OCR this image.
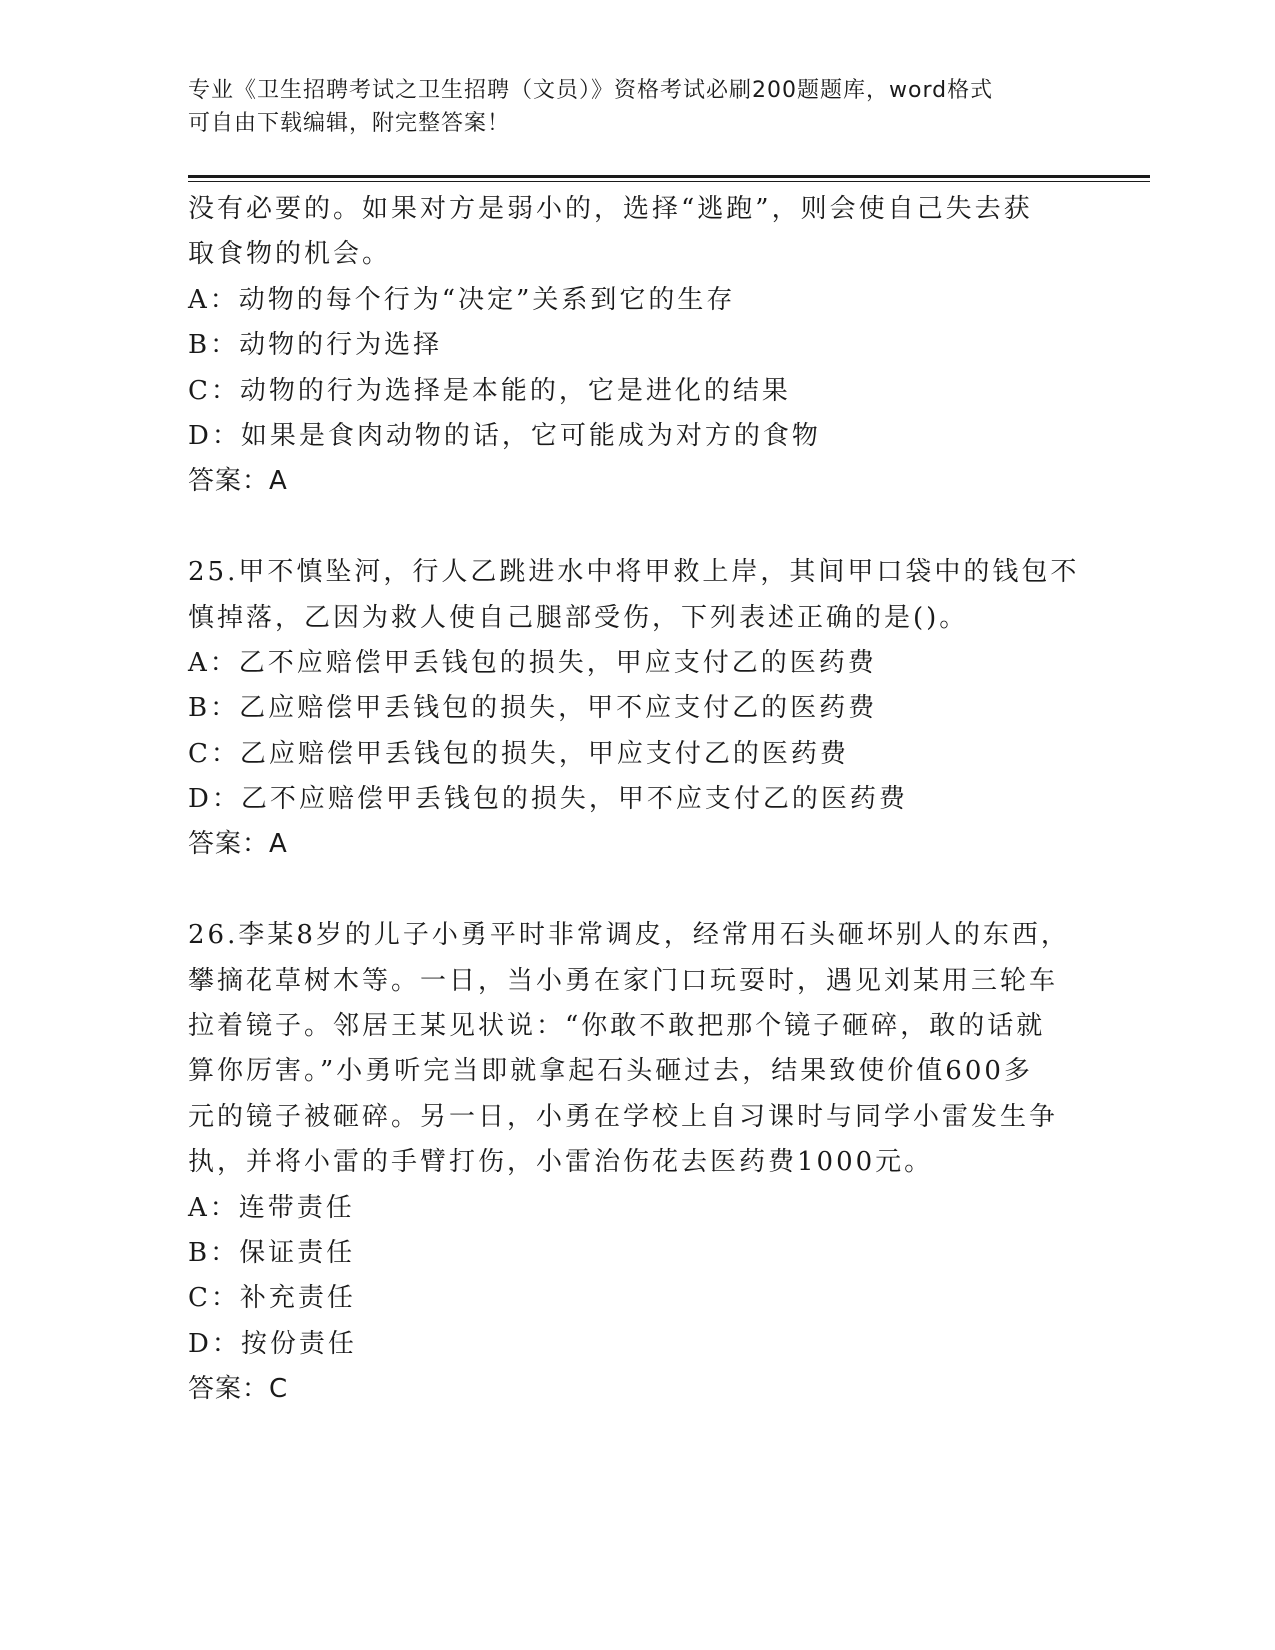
专业《卫生招聘考试之卫生招聘（文员）》资格考试必刷200题题库，word格式
可自由下载编辑，附完整答案！
没有必要的。如果对方是弱小的，选择“逃跑”，则会使自己失去获
取食物的机会。
A：动物的每个行为“决定”关系到它的生存
B：动物的行为选择
C：动物的行为选择是本能的，它是进化的结果
D：如果是食肉动物的话，它可能成为对方的食物
答案：A
25.甲不慎坠河，行人乙跳进水中将甲救上岸，其间甲口袋中的钱包不
慎掉落，乙因为救人使自己腿部受伤，下列表述正确的是()。
A：乙不应赔偿甲丢钱包的损失，甲应支付乙的医药费
B：乙应赔偿甲丢钱包的损失，甲不应支付乙的医药费
C：乙应赔偿甲丢钱包的损失，甲应支付乙的医药费
D：乙不应赔偿甲丢钱包的损失，甲不应支付乙的医药费
答案：A
26.李某8岁的儿子小勇平时非常调皮，经常用石头砸坏别人的东西，
攀摘花草树木等。一日，当小勇在家门口玩耍时，遇见刘某用三轮车
拉着镜子。邻居王某见状说：“你敢不敢把那个镜子砸碎，敢的话就
算你厉害。”小勇听完当即就拿起石头砸过去，结果致使价值600多
元的镜子被砸碎。另一日，小勇在学校上自习课时与同学小雷发生争
执，并将小雷的手臂打伤，小雷治伤花去医药费1000元。
A：连带责任
B：保证责任
C：补充责任
D：按份责任
答案：C
